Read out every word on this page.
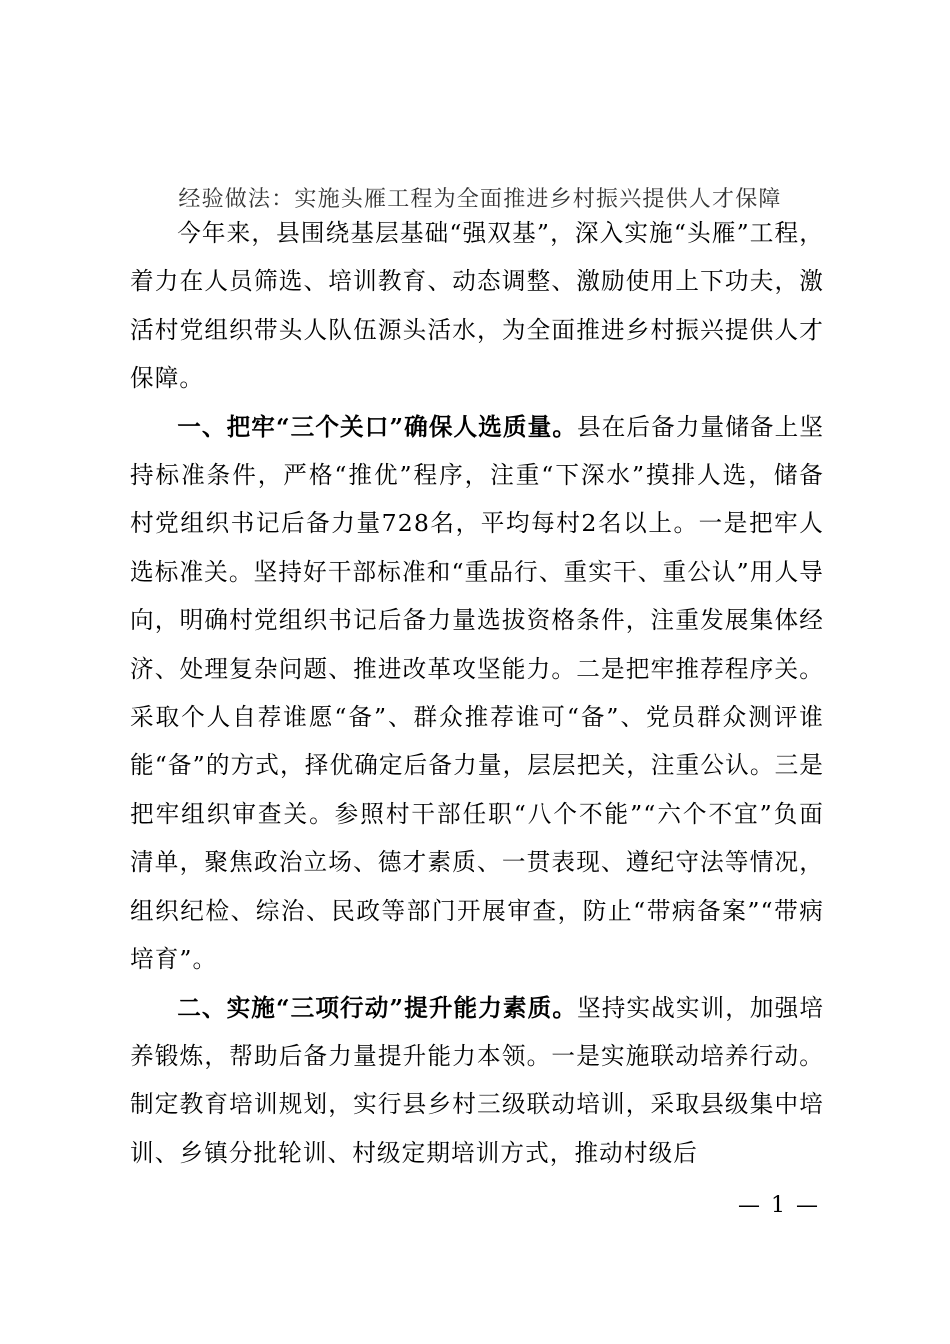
经验做法：实施头雁工程为全面推进乡村振兴提供人才保障

今年来，县围绕基层基础“强双基”，深入实施“头雁”工程，着力在人员筛选、培训教育、动态调整、激励使用上下功夫，激活村党组织带头人队伍源头活水，为全面推进乡村振兴提供人才保障。

一、把牢“三个关口”确保人选质量。县在后备力量储备上坚持标准条件，严格“推优”程序，注重“下深水”摸排人选，储备村党组织书记后备力量728名，平均每村2名以上。一是把牢人选标准关。坚持好干部标准和“重品行、重实干、重公认”用人导向，明确村党组织书记后备力量选拔资格条件，注重发展集体经济、处理复杂问题、推进改革攻坚能力。二是把牢推荐程序关。采取个人自荐谁愿“备”、群众推荐谁可“备”、党员群众测评谁能“备”的方式，择优确定后备力量，层层把关，注重公认。三是把牢组织审查关。参照村干部任职“八个不能”“六个不宜”负面清单，聚焦政治立场、德才素质、一贯表现、遵纪守法等情况，组织纪检、综治、民政等部门开展审查，防止“带病备案”“带病培育”。

二、实施“三项行动”提升能力素质。坚持实战实训，加强培养锻炼，帮助后备力量提升能力本领。一是实施联动培养行动。制定教育培训规划，实行县乡村三级联动培训，采取县级集中培训、乡镇分批轮训、村级定期培训方式，推动村级后

— 1 —
